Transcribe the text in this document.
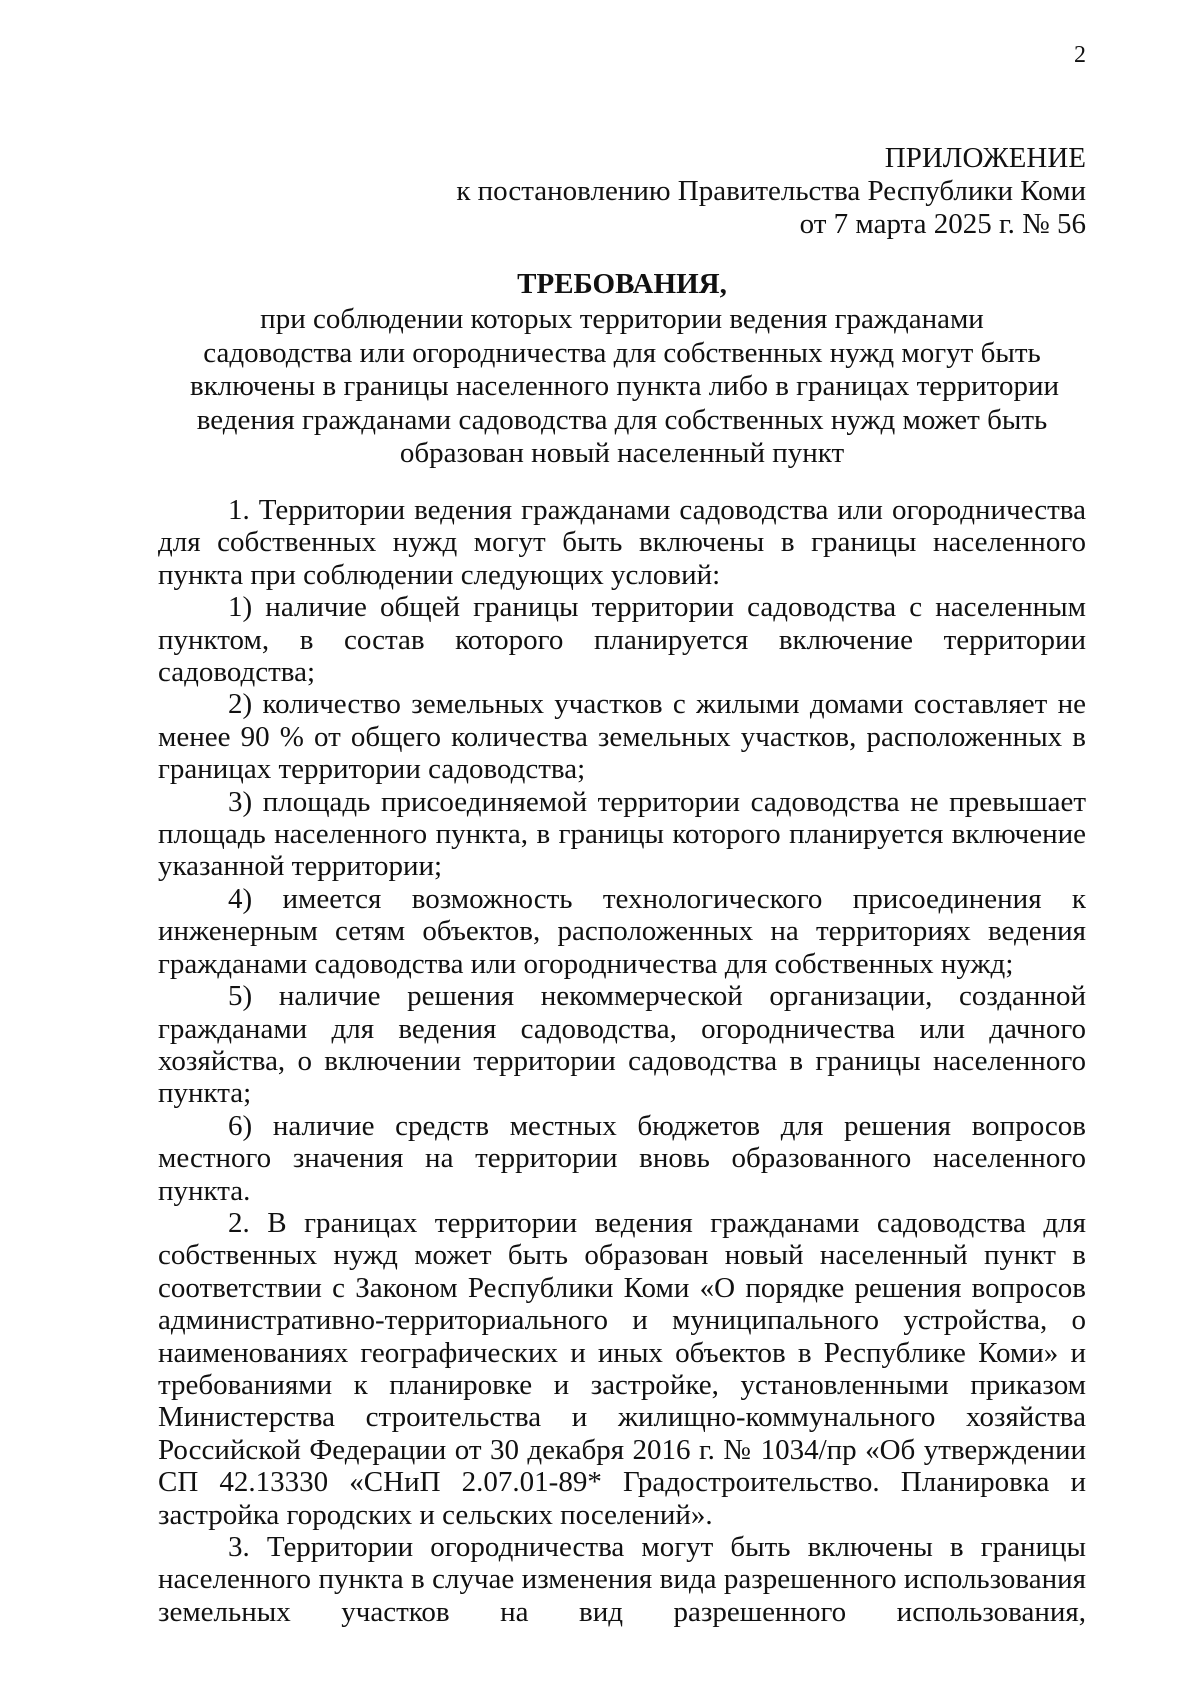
2
ПРИЛОЖЕНИЕ
к постановлению Правительства Республики Коми
от 7 марта 2025 г. № 56
ТРЕБОВАНИЯ,
при соблюдении которых территории ведения гражданами
садоводства или огородничества для собственных нужд могут быть
включены в границы населенного пункта либо в границах территории
ведения гражданами садоводства для собственных нужд может быть
образован новый населенный пункт

1. Территории ведения гражданами садоводства или огородничества для собственных нужд могут быть включены в границы населенного пункта при соблюдении следующих условий:

1) наличие общей границы территории садоводства с населенным пунктом, в состав которого планируется включение территории садоводства;

2) количество земельных участков с жилыми домами составляет не менее 90 % от общего количества земельных участков, расположенных в границах территории садоводства;

3) площадь присоединяемой территории садоводства не превышает площадь населенного пункта, в границы которого планируется включение указанной территории;

4) имеется возможность технологического присоединения к инженерным сетям объектов, расположенных на территориях ведения гражданами садоводства или огородничества для собственных нужд;

5) наличие решения некоммерческой организации, созданной гражданами для ведения садоводства, огородничества или дачного хозяйства, о включении территории садоводства в границы населенного пункта;

6) наличие средств местных бюджетов для решения вопросов местного значения на территории вновь образованного населенного пункта.

2. В границах территории ведения гражданами садоводства для собственных нужд может быть образован новый населенный пункт в соответствии с Законом Республики Коми «О порядке решения вопросов административно-территориального и муниципального устройства, о наименованиях географических и иных объектов в Республике Коми» и требованиями к планировке и застройке, установленными приказом Министерства строительства и жилищно-коммунального хозяйства Российской Федерации от 30 декабря 2016 г. № 1034/пр «Об утверждении СП 42.13330 «СНиП 2.07.01-89* Градостроительство. Планировка и застройка городских и сельских поселений».

3. Территории огородничества могут быть включены в границы населенного пункта в случае изменения вида разрешенного использования земельных участков на вид разрешенного использования,
